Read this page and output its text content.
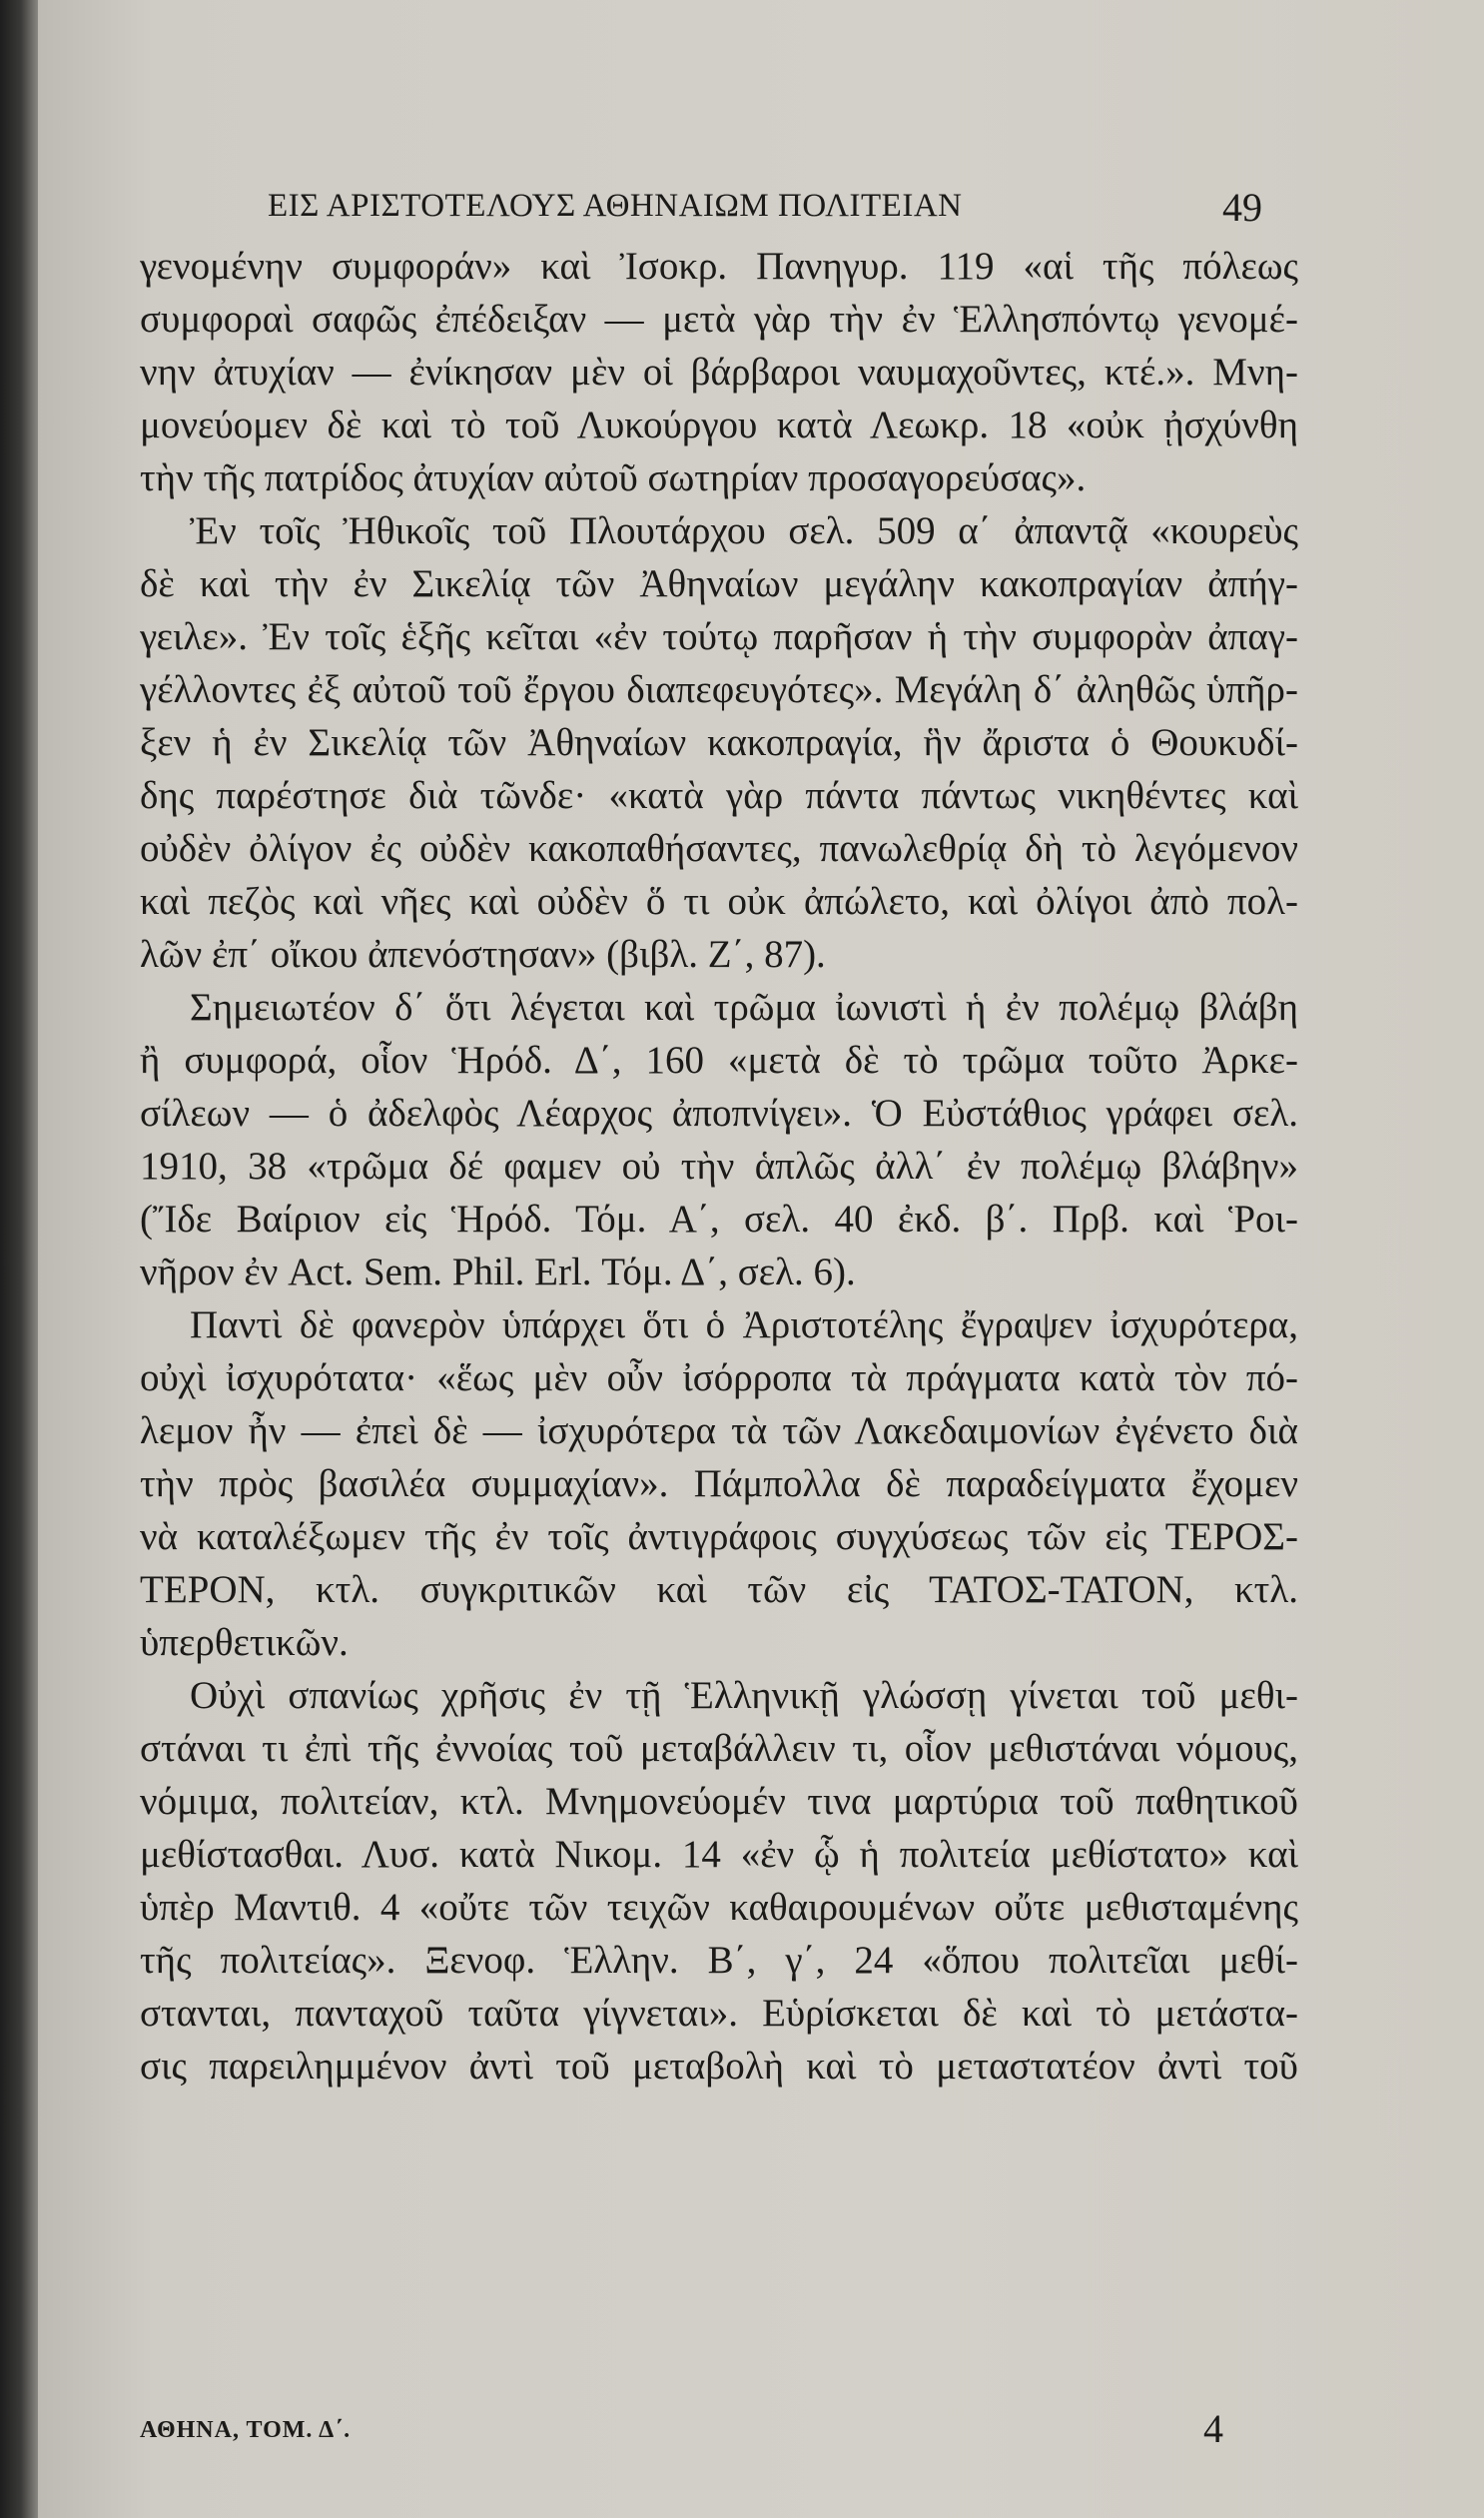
ΕΙΣ ΑΡΙΣΤΟΤΕΛΟΥΣ ΑΘΗΝΑΙΩΜ ΠΟΛΙΤΕΙΑΝ	49
γενομένην συμφοράν» καὶ Ἰσοκρ. Πανηγυρ. 119 «αἱ τῆς πόλεως
συμφοραὶ σαφῶς ἐπέδειξαν — μετὰ γὰρ τὴν ἐν Ἑλλησπόντῳ γενομέ-
νην ἀτυχίαν — ἐνίκησαν μὲν οἱ βάρβαροι ναυμαχοῦντες, κτέ.». Μνη-
μονεύομεν δὲ καὶ τὸ τοῦ Λυκούργου κατὰ Λεωκρ. 18 «οὐκ ᾐσχύνθη
τὴν τῆς πατρίδος ἀτυχίαν αὐτοῦ σωτηρίαν προσαγορεύσας».
Ἐν τοῖς Ἠθικοῖς τοῦ Πλουτάρχου σελ. 509 α΄ ἀπαντᾷ «κουρεὺς
δὲ καὶ τὴν ἐν Σικελίᾳ τῶν Ἀθηναίων μεγάλην κακοπραγίαν ἀπήγ-
γειλε». Ἐν τοῖς ἑξῆς κεῖται «ἐν τούτῳ παρῆσαν ἡ τὴν συμφορὰν ἀπαγ-
γέλλοντες ἐξ αὐτοῦ τοῦ ἔργου διαπεφευγότες». Μεγάλη δ΄ ἀληθῶς ὑπῆρ-
ξεν ἡ ἐν Σικελίᾳ τῶν Ἀθηναίων κακοπραγία, ἣν ἄριστα ὁ Θουκυδί-
δης παρέστησε διὰ τῶνδε· «κατὰ γὰρ πάντα πάντως νικηθέντες καὶ
οὐδὲν ὀλίγον ἐς οὐδὲν κακοπαθήσαντες, πανωλεθρίᾳ δὴ τὸ λεγόμενον
καὶ πεζὸς καὶ νῆες καὶ οὐδὲν ὅ τι οὐκ ἀπώλετο, καὶ ὀλίγοι ἀπὸ πολ-
λῶν ἐπ΄ οἴκου ἀπενόστησαν» (βιβλ. Ζ΄, 87).
Σημειωτέον δ΄ ὅτι λέγεται καὶ τρῶμα ἰωνιστὶ ἡ ἐν πολέμῳ βλάβη
ἢ συμφορά, οἷον Ἡρόδ. Δ΄, 160 «μετὰ δὲ τὸ τρῶμα τοῦτο Ἀρκε-
σίλεων — ὁ ἀδελφὸς Λέαρχος ἀποπνίγει». Ὁ Εὐστάθιος γράφει σελ.
1910, 38 «τρῶμα δέ φαμεν οὐ τὴν ἁπλῶς ἀλλ΄ ἐν πολέμῳ βλάβην»
(Ἴδε Βαίριον εἰς Ἡρόδ. Τόμ. Α΄, σελ. 40 ἐκδ. β΄. Πρβ. καὶ Ῥοι-
νῆρον ἐν Act. Sem. Phil. Erl. Τόμ. Δ΄, σελ. 6).
Παντὶ δὲ φανερὸν ὑπάρχει ὅτι ὁ Ἀριστοτέλης ἔγραψεν ἰσχυρότερα,
οὐχὶ ἰσχυρότατα· «ἕως μὲν οὖν ἰσόρροπα τὰ πράγματα κατὰ τὸν πό-
λεμον ἦν — ἐπεὶ δὲ — ἰσχυρότερα τὰ τῶν Λακεδαιμονίων ἐγένετο διὰ
τὴν πρὸς βασιλέα συμμαχίαν». Πάμπολλα δὲ παραδείγματα ἔχομεν
νὰ καταλέξωμεν τῆς ἐν τοῖς ἀντιγράφοις συγχύσεως τῶν εἰς ΤΕΡΟΣ-
ΤΕΡΟΝ, κτλ. συγκριτικῶν καὶ τῶν εἰς ΤΑΤΟΣ-ΤΑΤΟΝ, κτλ.
ὑπερθετικῶν.
Οὐχὶ σπανίως χρῆσις ἐν τῇ Ἑλληνικῇ γλώσσῃ γίνεται τοῦ μεθι-
στάναι τι ἐπὶ τῆς ἐννοίας τοῦ μεταβάλλειν τι, οἷον μεθιστάναι νόμους,
νόμιμα, πολιτείαν, κτλ. Μνημονεύομέν τινα μαρτύρια τοῦ παθητικοῦ
μεθίστασθαι. Λυσ. κατὰ Νικομ. 14 «ἐν ᾧ ἡ πολιτεία μεθίστατο» καὶ
ὑπὲρ Μαντιθ. 4 «οὔτε τῶν τειχῶν καθαιρουμένων οὔτε μεθισταμένης
τῆς πολιτείας». Ξενοφ. Ἑλλην. Β΄, γ΄, 24 «ὅπου πολιτεῖαι μεθί-
στανται, πανταχοῦ ταῦτα γίγνεται». Εὑρίσκεται δὲ καὶ τὸ μετάστα-
σις παρειλημμένον ἀντὶ τοῦ μεταβολὴ καὶ τὸ μεταστατέον ἀντὶ τοῦ
ΑΘΗΝΑ, ΤΟΜ. Δ΄.	4
